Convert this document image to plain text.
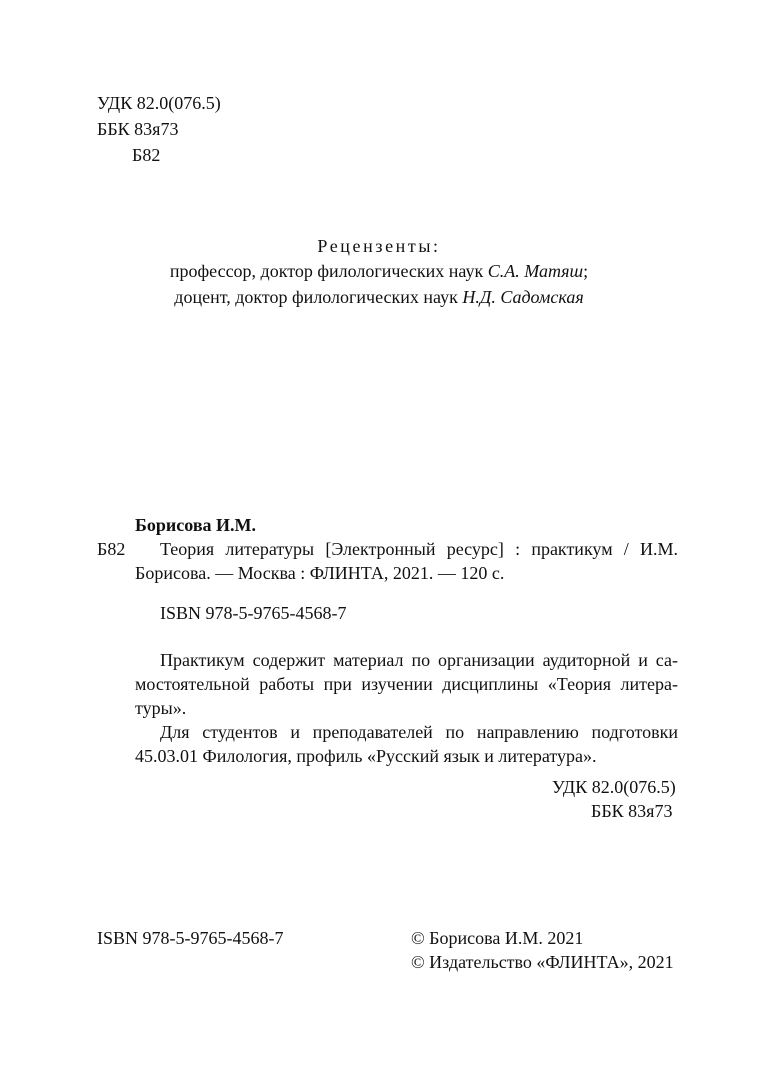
УДК 82.0(076.5)
ББК 83я73
Б82
Рецензенты:
профессор, доктор филологических наук С.А. Матяш;
доцент, доктор филологических наук Н.Д. Садомская
Борисова И.М.
Б82 Теория литературы [Электронный ресурс] : практикум / И.М.
Борисова. — Москва : ФЛИНТА, 2021. — 120 с.
ISBN 978-5-9765-4568-7
Практикум содержит материал по организации аудиторной и са-
мостоятельной работы при изучении дисциплины «Теория литера-
туры».
Для студентов и преподавателей по направлению подготовки
45.03.01 Филология, профиль «Русский язык и литература».
УДК 82.0(076.5)
ББК 83я73
ISBN 978-5-9765-4568-7	© Борисова И.М. 2021
© Издательство «ФЛИНТА», 2021
